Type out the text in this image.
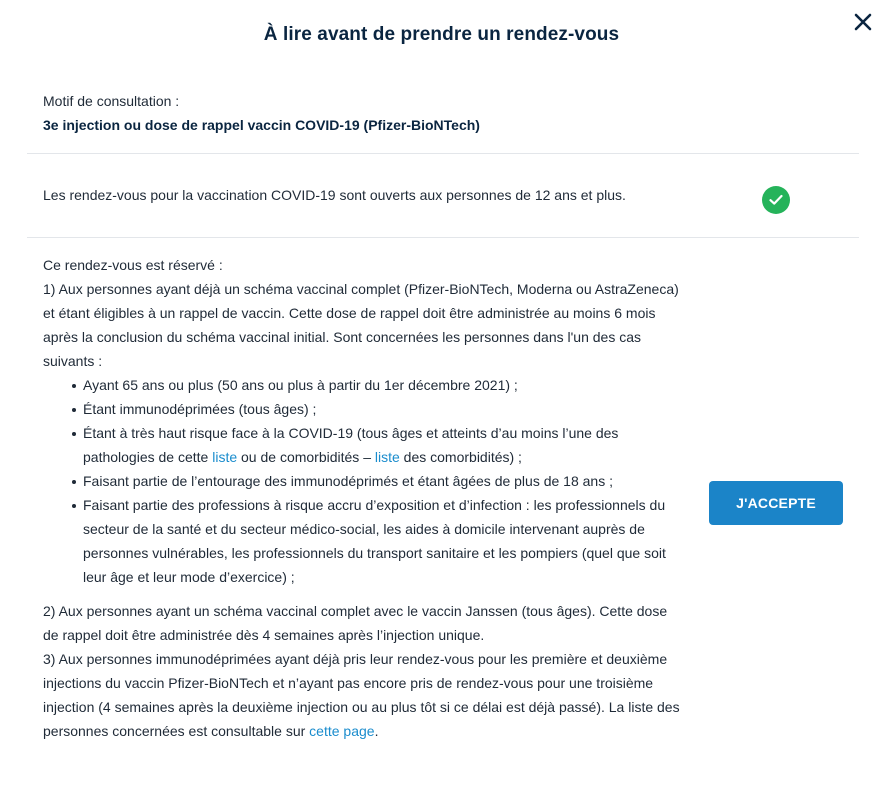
À lire avant de prendre un rendez-vous
Motif de consultation :
3e injection ou dose de rappel vaccin COVID-19 (Pfizer-BioNTech)
Les rendez-vous pour la vaccination COVID-19 sont ouverts aux personnes de 12 ans et plus.

Ce rendez-vous est réservé :

1) Aux personnes ayant déjà un schéma vaccinal complet (Pfizer-BioNTech, Moderna ou AstraZeneca) et étant éligibles à un rappel de vaccin. Cette dose de rappel doit être administrée au moins 6 mois après la conclusion du schéma vaccinal initial. Sont concernées les personnes dans l'un des cas suivants :

Ayant 65 ans ou plus (50 ans ou plus à partir du 1er décembre 2021) ;
Étant immunodéprimées (tous âges) ;
Étant à très haut risque face à la COVID-19 (tous âges et atteints d’au moins l’une des pathologies de cette liste ou de comorbidités – liste des comorbidités) ;
Faisant partie de l’entourage des immunodéprimés et étant âgées de plus de 18 ans ;
Faisant partie des professions à risque accru d’exposition et d’infection : les professionnels du secteur de la santé et du secteur médico-social, les aides à domicile intervenant auprès de personnes vulnérables, les professionnels du transport sanitaire et les pompiers (quel que soit leur âge et leur mode d’exercice) ;

2) Aux personnes ayant un schéma vaccinal complet avec le vaccin Janssen (tous âges). Cette dose de rappel doit être administrée dès 4 semaines après l’injection unique.

3) Aux personnes immunodéprimées ayant déjà pris leur rendez-vous pour les première et deuxième injections du vaccin Pfizer-BioNTech et n’ayant pas encore pris de rendez-vous pour une troisième injection (4 semaines après la deuxième injection ou au plus tôt si ce délai est déjà passé). La liste des personnes concernées est consultable sur cette page.

J'ACCEPTE
